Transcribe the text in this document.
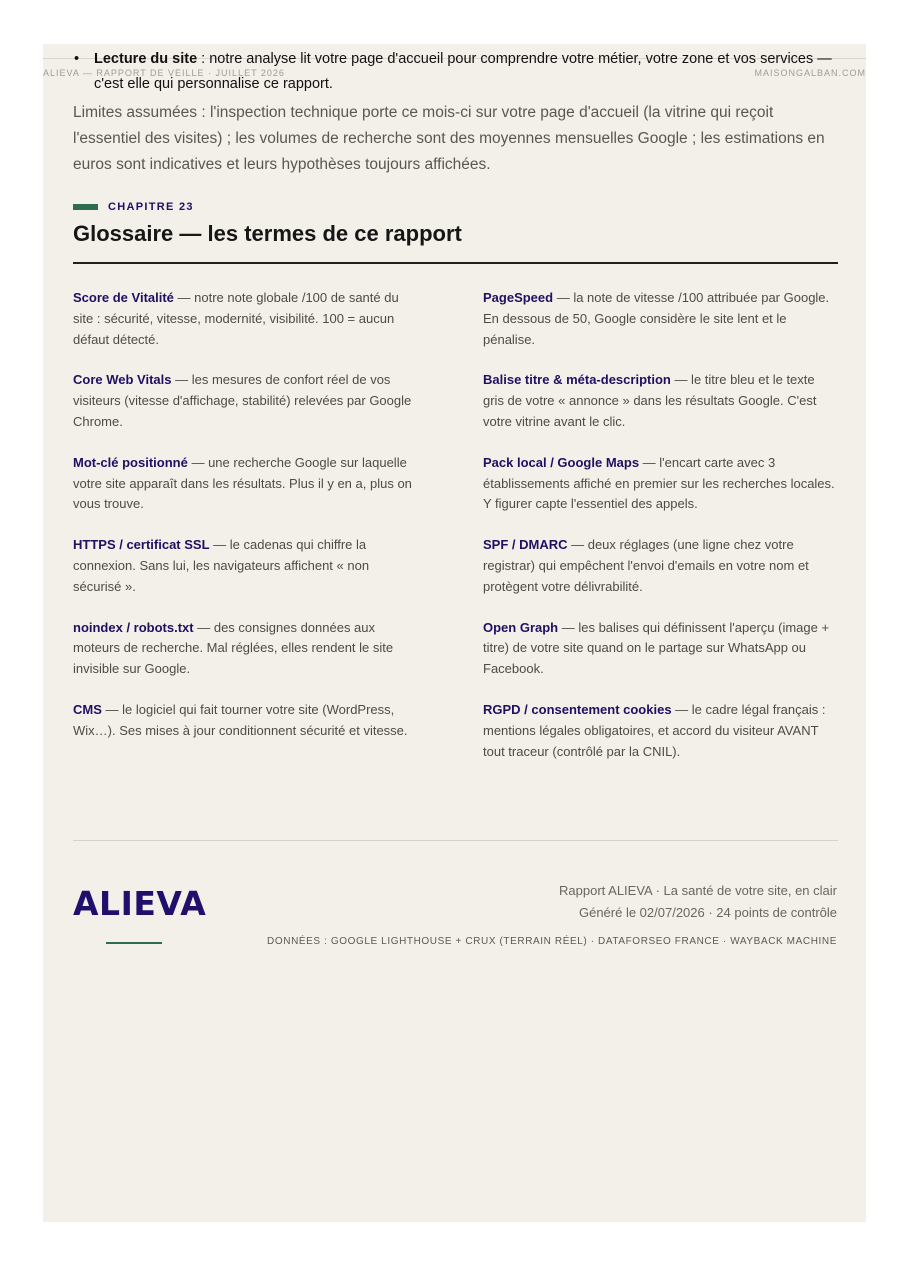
ALIEVA — RAPPORT DE VEILLE · JUILLET 2026	MAISONGALBAN.COM
• Lecture du site : notre analyse lit votre page d'accueil pour comprendre votre métier, votre zone et vos services — c'est elle qui personnalise ce rapport.
Limites assumées : l'inspection technique porte ce mois-ci sur votre page d'accueil (la vitrine qui reçoit l'essentiel des visites) ; les volumes de recherche sont des moyennes mensuelles Google ; les estimations en euros sont indicatives et leurs hypothèses toujours affichées.
CHAPITRE 23
Glossaire — les termes de ce rapport
Score de Vitalité — notre note globale /100 de santé du site : sécurité, vitesse, modernité, visibilité. 100 = aucun défaut détecté.
PageSpeed — la note de vitesse /100 attribuée par Google. En dessous de 50, Google considère le site lent et le pénalise.
Core Web Vitals — les mesures de confort réel de vos visiteurs (vitesse d'affichage, stabilité) relevées par Google Chrome.
Balise titre & méta-description — le titre bleu et le texte gris de votre « annonce » dans les résultats Google. C'est votre vitrine avant le clic.
Mot-clé positionné — une recherche Google sur laquelle votre site apparaît dans les résultats. Plus il y en a, plus on vous trouve.
Pack local / Google Maps — l'encart carte avec 3 établissements affiché en premier sur les recherches locales. Y figurer capte l'essentiel des appels.
HTTPS / certificat SSL — le cadenas qui chiffre la connexion. Sans lui, les navigateurs affichent « non sécurisé ».
SPF / DMARC — deux réglages (une ligne chez votre registrar) qui empêchent l'envoi d'emails en votre nom et protègent votre délivrabilité.
noindex / robots.txt — des consignes données aux moteurs de recherche. Mal réglées, elles rendent le site invisible sur Google.
Open Graph — les balises qui définissent l'aperçu (image + titre) de votre site quand on le partage sur WhatsApp ou Facebook.
CMS — le logiciel qui fait tourner votre site (WordPress, Wix…). Ses mises à jour conditionnent sécurité et vitesse.
RGPD / consentement cookies — le cadre légal français : mentions légales obligatoires, et accord du visiteur AVANT tout traceur (contrôlé par la CNIL).
ALIEVA	Rapport ALIEVA · La santé de votre site, en clair
Généré le 02/07/2026 · 24 points de contrôle
DONNÉES : GOOGLE LIGHTHOUSE + CRUX (TERRAIN RÉEL) · DATAFORSEO FRANCE · WAYBACK MACHINE
